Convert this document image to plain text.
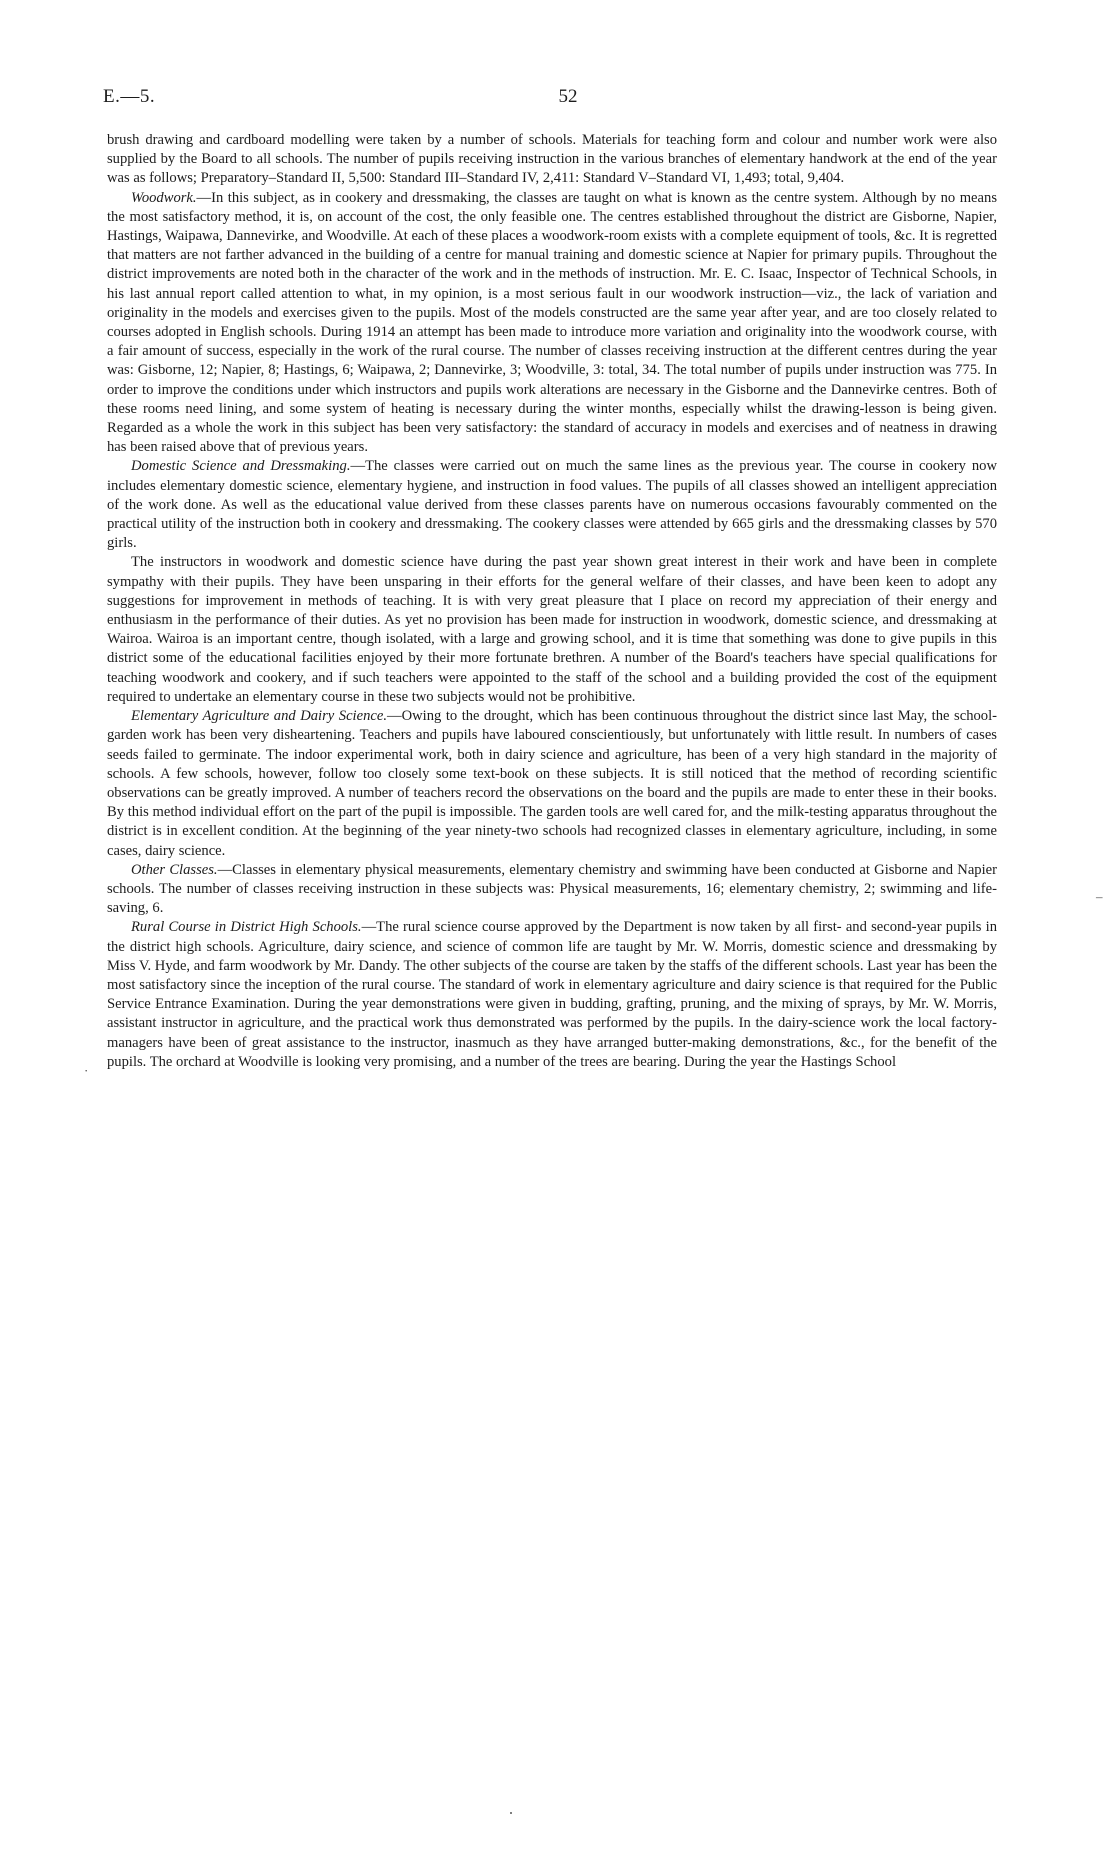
E.—5.	52

brush drawing and cardboard modelling were taken by a number of schools. Materials for teaching form and colour and number work were also supplied by the Board to all schools. The number of pupils receiving instruction in the various branches of elementary handwork at the end of the year was as follows; Preparatory–Standard II, 5,500: Standard III–Standard IV, 2,411: Standard V–Standard VI, 1,493; total, 9,404.

Woodwork.—In this subject, as in cookery and dressmaking, the classes are taught on what is known as the centre system. Although by no means the most satisfactory method, it is, on account of the cost, the only feasible one. The centres established throughout the district are Gisborne, Napier, Hastings, Waipawa, Dannevirke, and Woodville. At each of these places a woodwork-room exists with a complete equipment of tools, &c. It is regretted that matters are not farther advanced in the building of a centre for manual training and domestic science at Napier for primary pupils. Throughout the district improvements are noted both in the character of the work and in the methods of instruction. Mr. E. C. Isaac, Inspector of Technical Schools, in his last annual report called attention to what, in my opinion, is a most serious fault in our woodwork instruction—viz., the lack of variation and originality in the models and exercises given to the pupils. Most of the models constructed are the same year after year, and are too closely related to courses adopted in English schools. During 1914 an attempt has been made to introduce more variation and originality into the woodwork course, with a fair amount of success, especially in the work of the rural course. The number of classes receiving instruction at the different centres during the year was: Gisborne, 12; Napier, 8; Hastings, 6; Waipawa, 2; Dannevirke, 3; Woodville, 3: total, 34. The total number of pupils under instruction was 775. In order to improve the conditions under which instructors and pupils work alterations are necessary in the Gisborne and the Dannevirke centres. Both of these rooms need lining, and some system of heating is necessary during the winter months, especially whilst the drawing-lesson is being given. Regarded as a whole the work in this subject has been very satisfactory: the standard of accuracy in models and exercises and of neatness in drawing has been raised above that of previous years.

Domestic Science and Dressmaking.—The classes were carried out on much the same lines as the previous year. The course in cookery now includes elementary domestic science, elementary hygiene, and instruction in food values. The pupils of all classes showed an intelligent appreciation of the work done. As well as the educational value derived from these classes parents have on numerous occasions favourably commented on the practical utility of the instruction both in cookery and dressmaking. The cookery classes were attended by 665 girls and the dressmaking classes by 570 girls.

The instructors in woodwork and domestic science have during the past year shown great interest in their work and have been in complete sympathy with their pupils. They have been unsparing in their efforts for the general welfare of their classes, and have been keen to adopt any suggestions for improvement in methods of teaching. It is with very great pleasure that I place on record my appreciation of their energy and enthusiasm in the performance of their duties. As yet no provision has been made for instruction in woodwork, domestic science, and dressmaking at Wairoa. Wairoa is an important centre, though isolated, with a large and growing school, and it is time that something was done to give pupils in this district some of the educational facilities enjoyed by their more fortunate brethren. A number of the Board's teachers have special qualifications for teaching woodwork and cookery, and if such teachers were appointed to the staff of the school and a building provided the cost of the equipment required to undertake an elementary course in these two subjects would not be prohibitive.

Elementary Agriculture and Dairy Science.—Owing to the drought, which has been continuous throughout the district since last May, the school-garden work has been very disheartening. Teachers and pupils have laboured conscientiously, but unfortunately with little result. In numbers of cases seeds failed to germinate. The indoor experimental work, both in dairy science and agriculture, has been of a very high standard in the majority of schools. A few schools, however, follow too closely some text-book on these subjects. It is still noticed that the method of recording scientific observations can be greatly improved. A number of teachers record the observations on the board and the pupils are made to enter these in their books. By this method individual effort on the part of the pupil is impossible. The garden tools are well cared for, and the milk-testing apparatus throughout the district is in excellent condition. At the beginning of the year ninety-two schools had recognized classes in elementary agriculture, including, in some cases, dairy science.

Other Classes.—Classes in elementary physical measurements, elementary chemistry and swimming have been conducted at Gisborne and Napier schools. The number of classes receiving instruction in these subjects was: Physical measurements, 16; elementary chemistry, 2; swimming and life-saving, 6.

Rural Course in District High Schools.—The rural science course approved by the Department is now taken by all first- and second-year pupils in the district high schools. Agriculture, dairy science, and science of common life are taught by Mr. W. Morris, domestic science and dressmaking by Miss V. Hyde, and farm woodwork by Mr. Dandy. The other subjects of the course are taken by the staffs of the different schools. Last year has been the most satisfactory since the inception of the rural course. The standard of work in elementary agriculture and dairy science is that required for the Public Service Entrance Examination. During the year demonstrations were given in budding, grafting, pruning, and the mixing of sprays, by Mr. W. Morris, assistant instructor in agriculture, and the practical work thus demonstrated was performed by the pupils. In the dairy-science work the local factory-managers have been of great assistance to the instructor, inasmuch as they have arranged butter-making demonstrations, &c., for the benefit of the pupils. The orchard at Woodville is looking very promising, and a number of the trees are bearing. During the year the Hastings School

·
–
